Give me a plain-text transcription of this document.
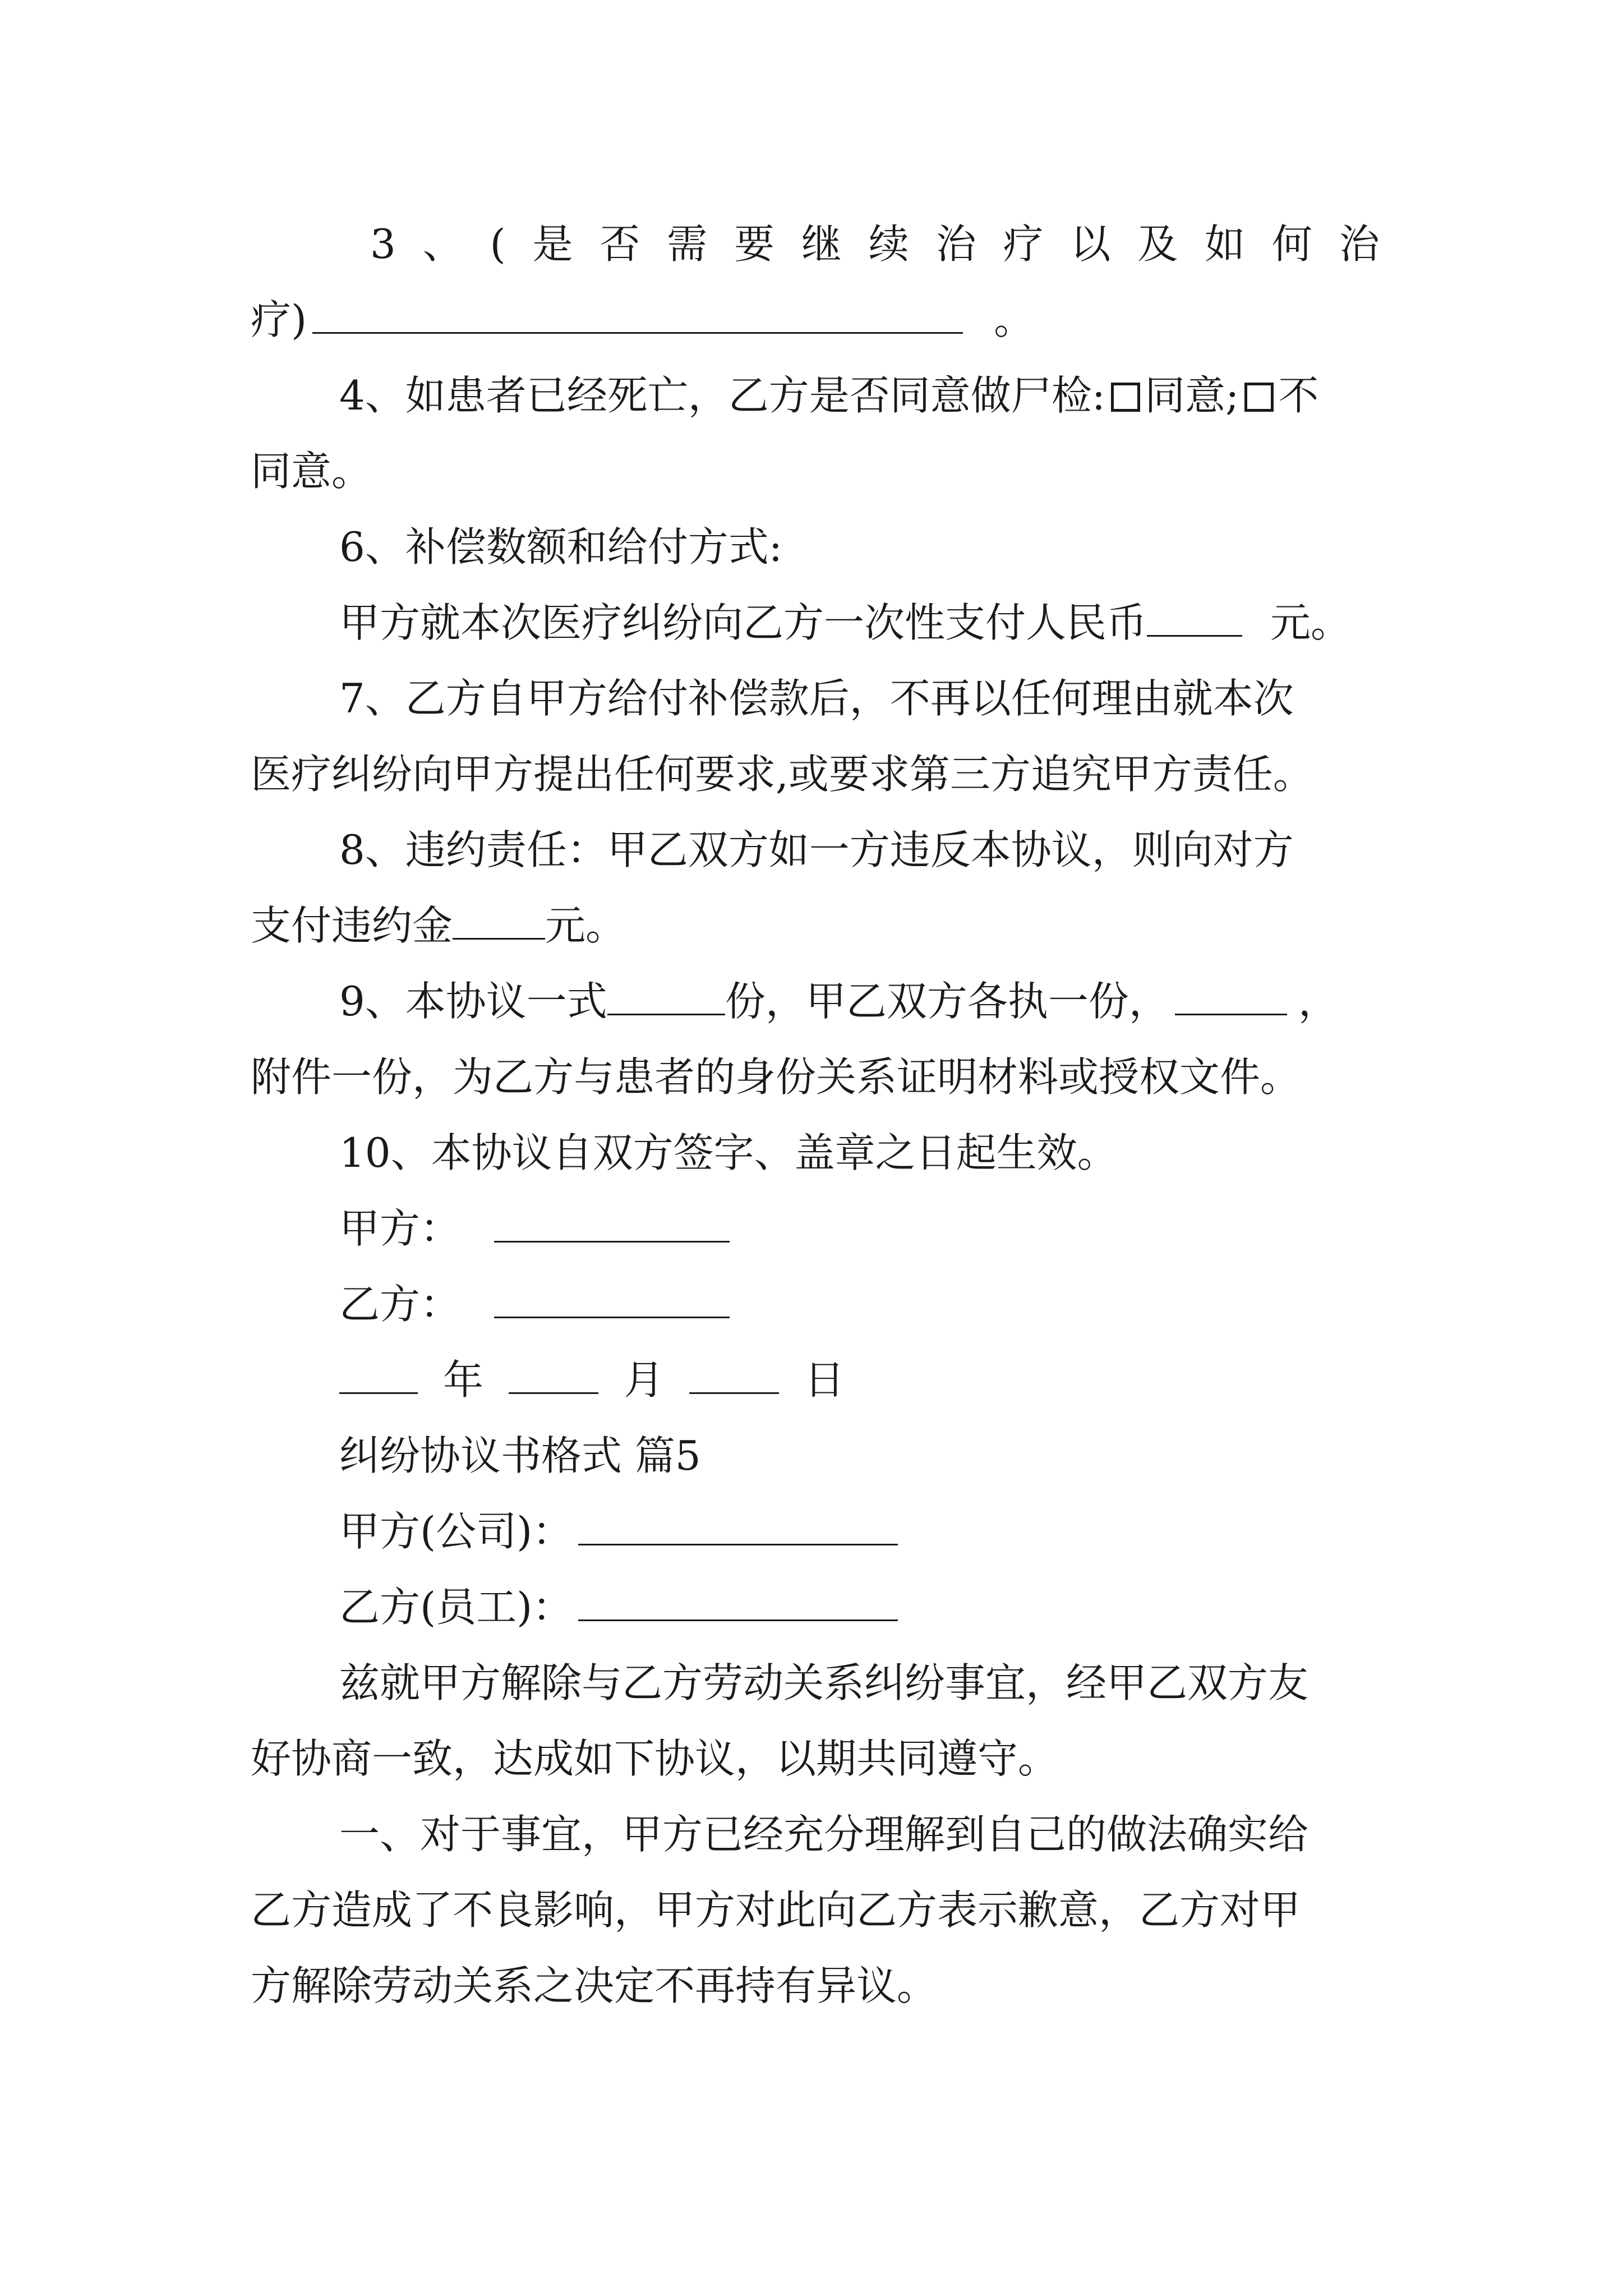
3 、 ( 是 否 需 要 继 续 治 疗 以 及 如 何 治
疗)	。
4、如患者已经死亡，乙方是否同意做尸检: 同意; 不
同意。
6、补偿数额和给付方式:
甲方就本次医疗纠纷向乙方一次性支付人民币	元。
7、乙方自甲方给付补偿款后，不再以任何理由就本次
医疗纠纷向甲方提出任何要求,或要求第三方追究甲方责任。
8、违约责任：甲乙双方如一方违反本协议，则向对方
支付违约金 元。
9、本协议一式	份，甲乙双方各执一份，	，
附件一份，为乙方与患者的身份关系证明材料或授权文件。
10、本协议自双方签字、盖章之日起生效。
甲方：
乙方：
年	月	日
纠纷协议书格式 篇5
甲方(公司)：
乙方(员工)：
兹就甲方解除与乙方劳动关系纠纷事宜，经甲乙双方友
好协商一致，达成如下协议，以期共同遵守。
一、对于事宜，甲方已经充分理解到自己的做法确实给
乙方造成了不良影响，甲方对此向乙方表示歉意，乙方对甲
方解除劳动关系之决定不再持有异议。
